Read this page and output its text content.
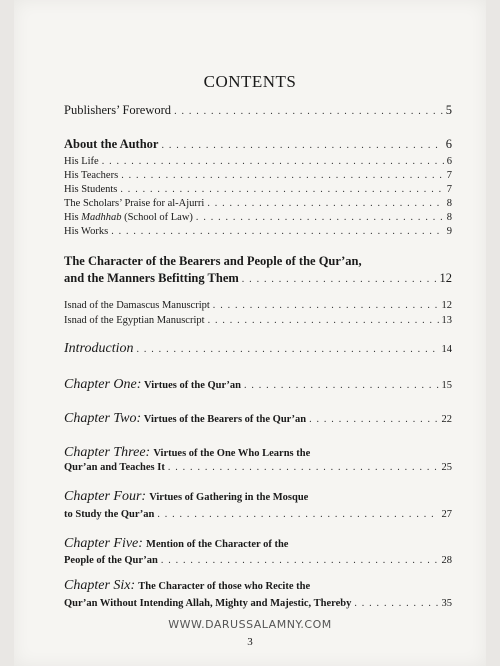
CONTENTS
Publishers’ Foreword . . .	5
About the Author . . .	6
His Life . . .	6
His Teachers . . .	7
His Students . . .	7
The Scholars’ Praise for al-Ajurri . . .	8
His Madhhab (School of Law) . . .	8
His Works . . .	9
The Character of the Bearers and People of the Qur’an,
and the Manners Befitting Them . . .	12
Isnad of the Damascus Manuscript . . .	12
Isnad of the Egyptian Manuscript . . .	13
Introduction . . .	14
Chapter One: Virtues of the Qur’an . . .	15
Chapter Two: Virtues of the Bearers of the Qur’an . . .	22
Chapter Three: Virtues of the One Who Learns the
Qur’an and Teaches It . . .	25
Chapter Four: Virtues of Gathering in the Mosque
to Study the Qur’an . . .	27
Chapter Five: Mention of the Character of the
People of the Qur’an . . .	28
Chapter Six: The Character of those who Recite the
Qur’an Without Intending Allah, Mighty and Majestic, Thereby . . .	35
WWW.DARUSSALAMNY.COM
3
